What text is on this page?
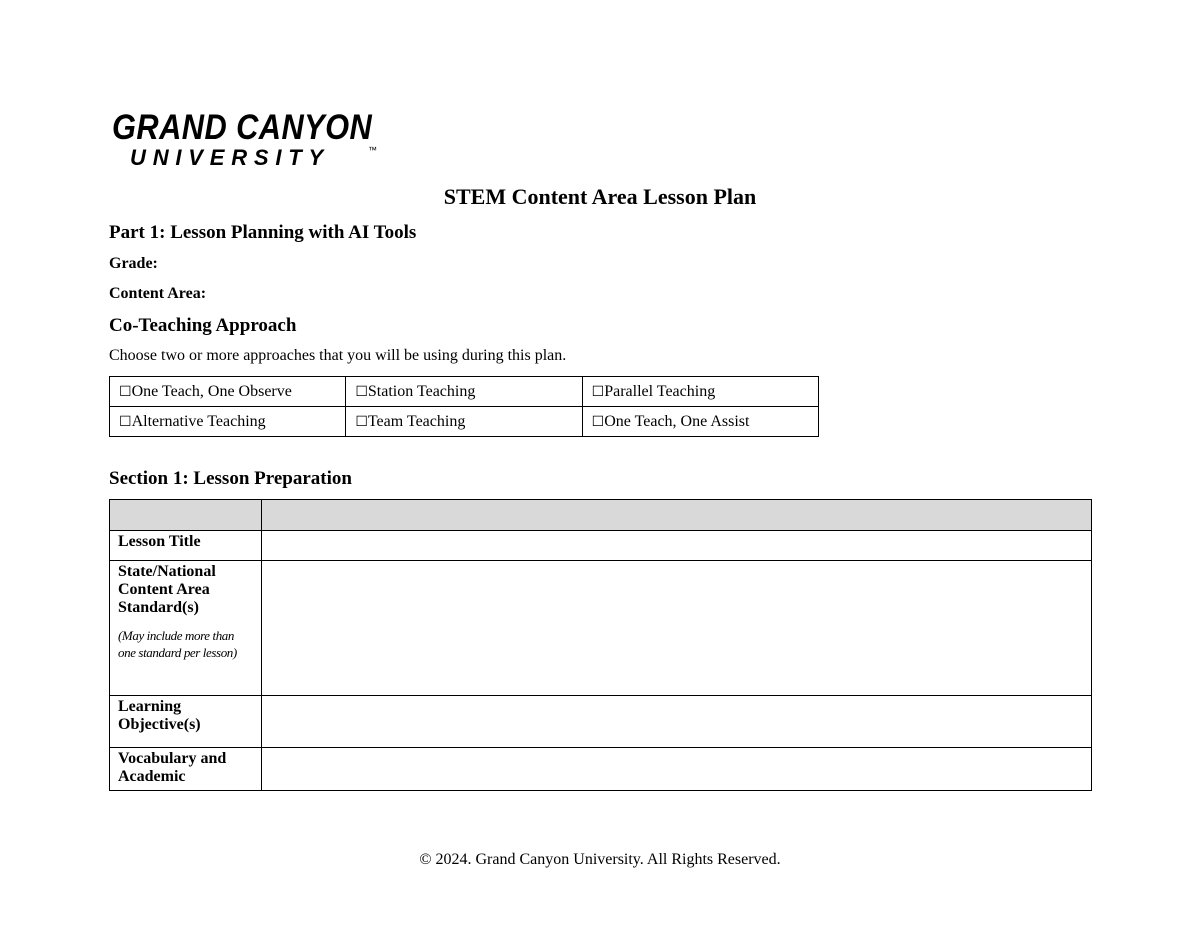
GRAND CANYON
UNIVERSITY	™
STEM Content Area Lesson Plan
Part 1: Lesson Planning with AI Tools
Grade:
Content Area:
Co-Teaching Approach
Choose two or more approaches that you will be using during this plan.
☐One Teach, One Observe	☐Station Teaching	☐Parallel Teaching
☐Alternative Teaching	☐Team Teaching	☐One Teach, One Assist
Section 1: Lesson Preparation

Lesson Title	

State/National Content Area Standard(s)
(May include more than one standard per lesson)	

Learning Objective(s)	
Vocabulary and Academic	
© 2024. Grand Canyon University. All Rights Reserved.
